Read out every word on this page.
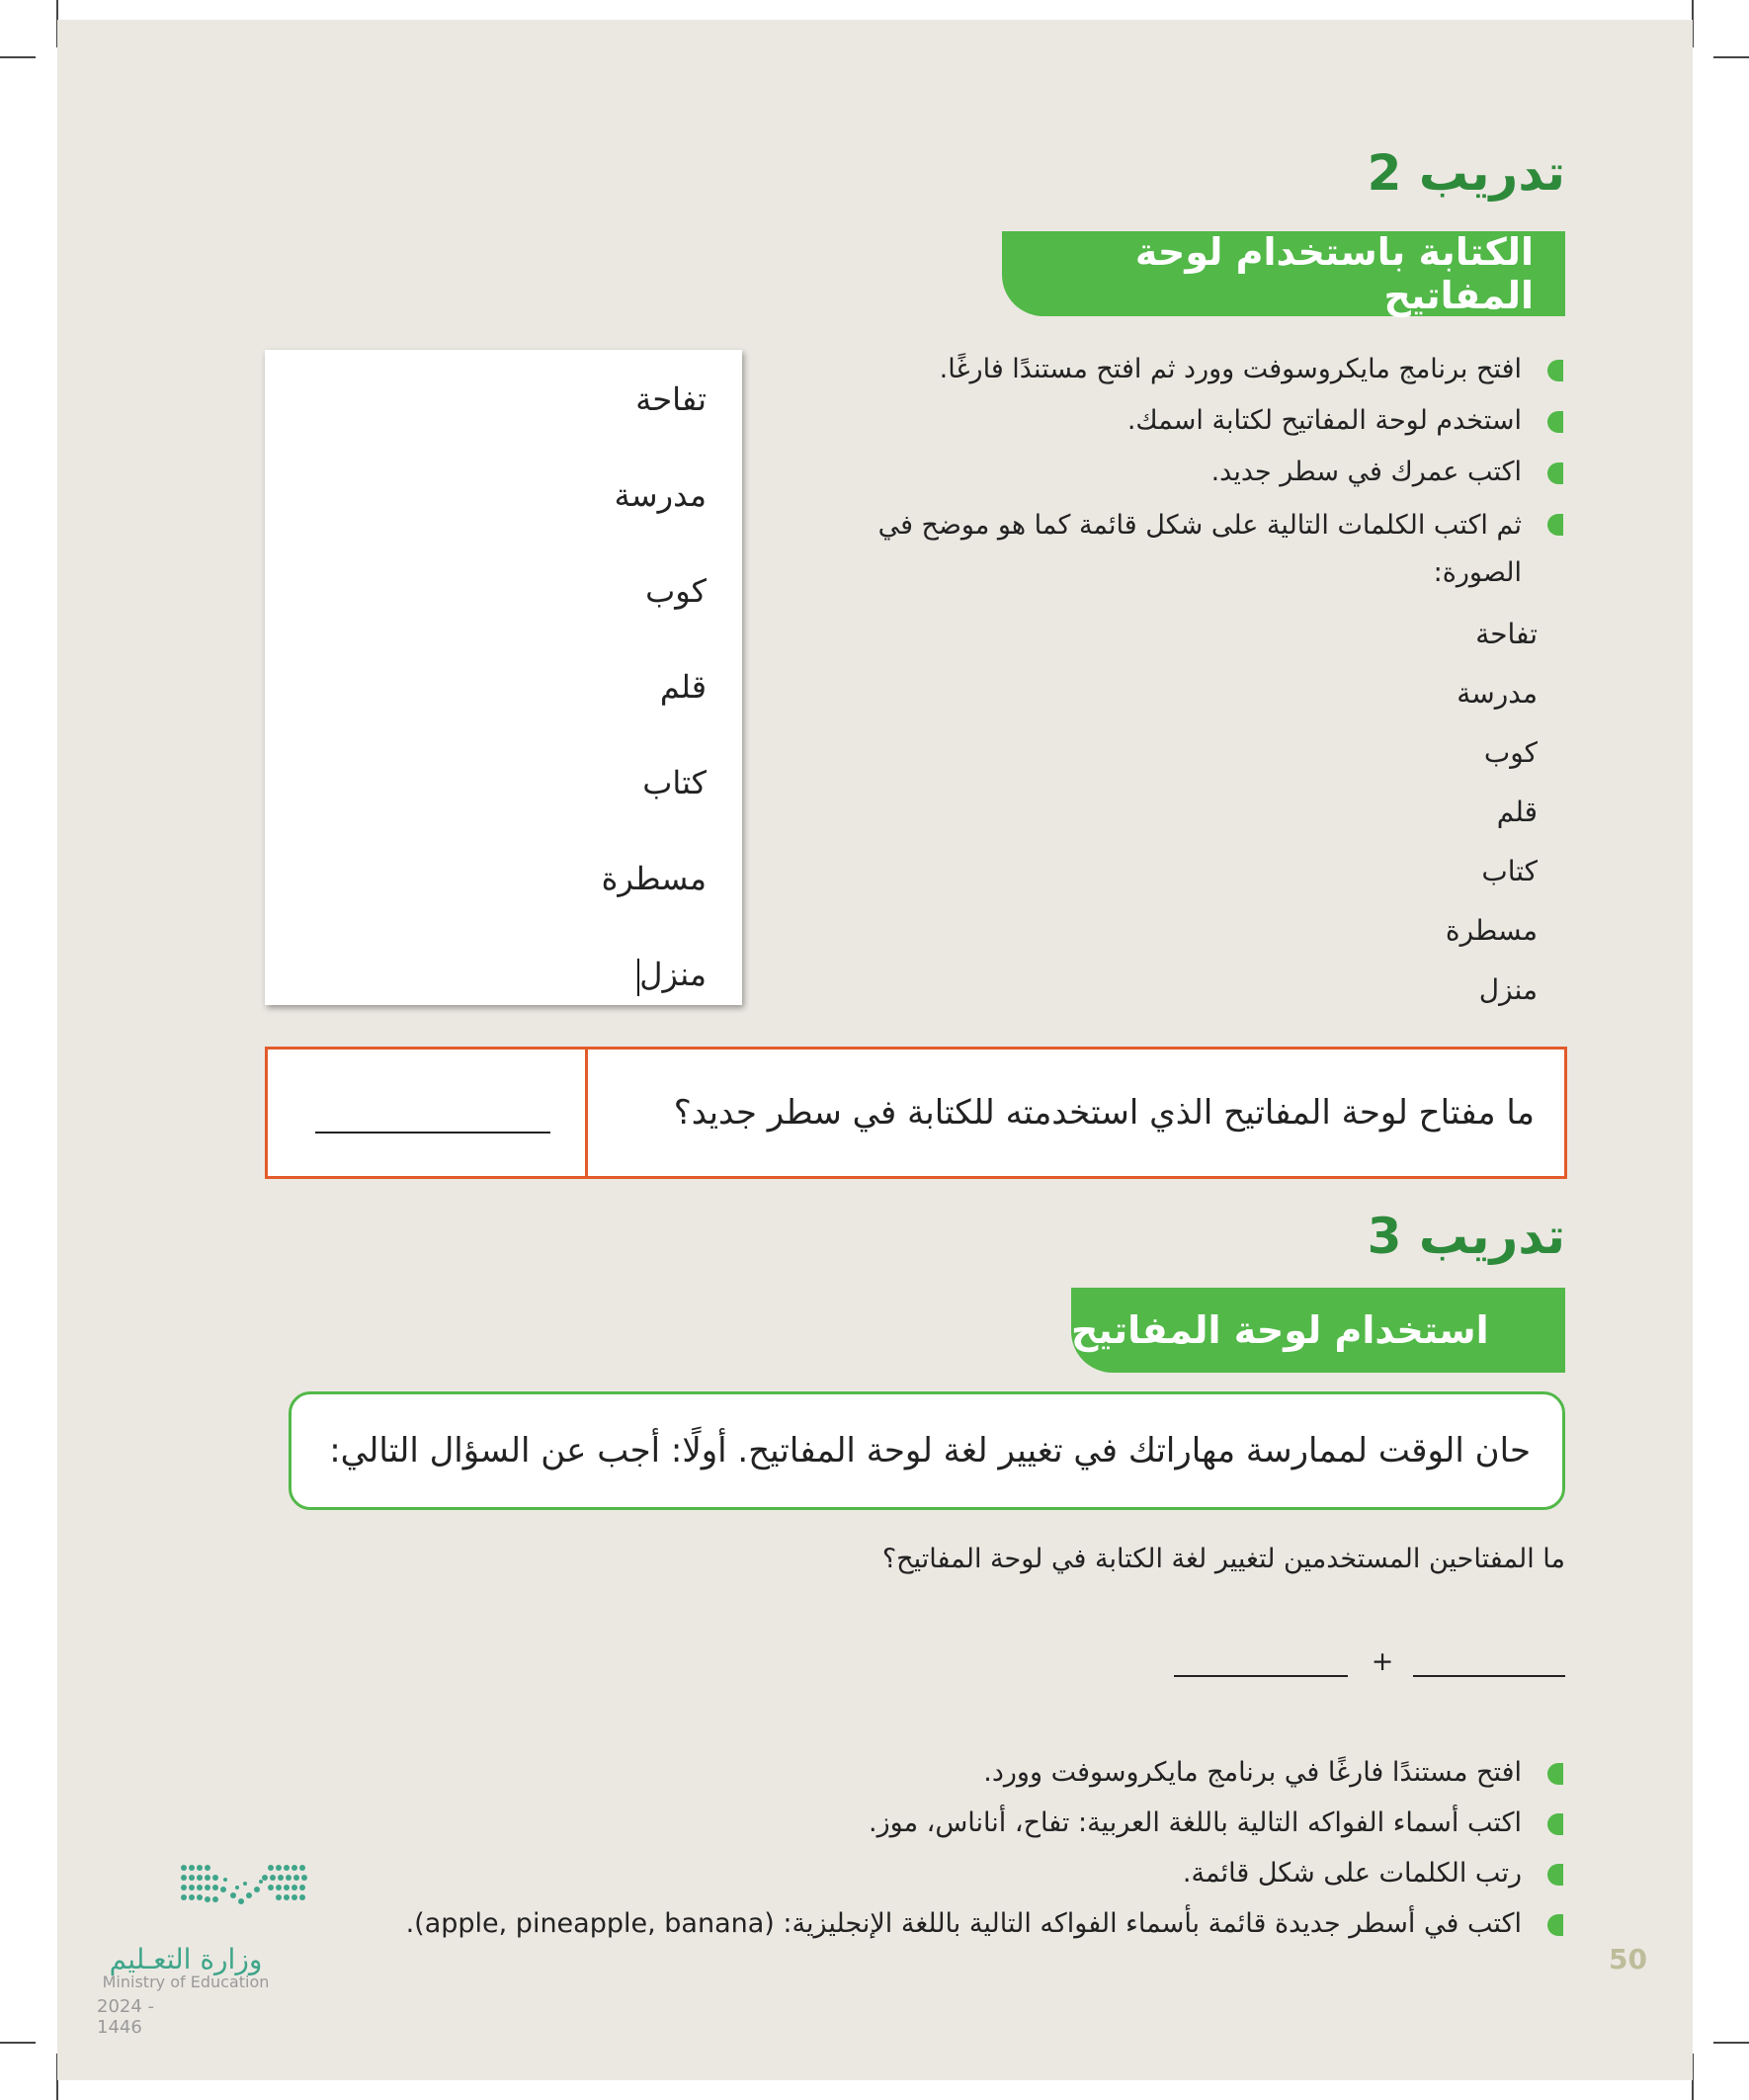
تدريب 2
الكتابة باستخدام لوحة المفاتيح
افتح برنامج مايكروسوفت وورد ثم افتح مستندًا فارغًا.
استخدم لوحة المفاتيح لكتابة اسمك.
اكتب عمرك في سطر جديد.
ثم اكتب الكلمات التالية على شكل قائمة كما هو موضح في الصورة:
تفاحة
مدرسة
كوب
قلم
كتاب
مسطرة
منزل
تفاحة
مدرسة
كوب
قلم
كتاب
مسطرة
منزل
ما مفتاح لوحة المفاتيح الذي استخدمته للكتابة في سطر جديد؟
تدريب 3
استخدام لوحة المفاتيح
حان الوقت لممارسة مهاراتك في تغيير لغة لوحة المفاتيح. أولًا: أجب عن السؤال التالي:
ما المفتاحين المستخدمين لتغيير لغة الكتابة في لوحة المفاتيح؟
+
افتح مستندًا فارغًا في برنامج مايكروسوفت وورد.
اكتب أسماء الفواكه التالية باللغة العربية: تفاح، أناناس، موز.
رتب الكلمات على شكل قائمة.
اكتب في أسطر جديدة قائمة بأسماء الفواكه التالية باللغة الإنجليزية: (apple, pineapple, banana).
50
وزارة التعـليم
Ministry of Education
2024 - 1446
